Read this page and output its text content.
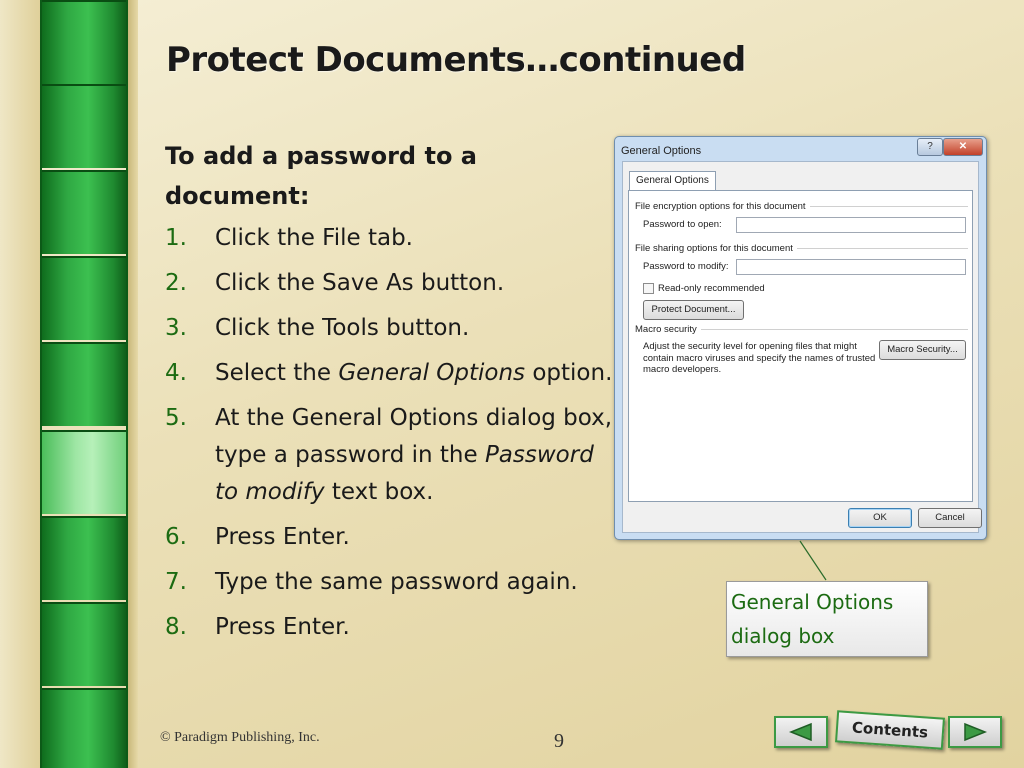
Protect Documents…continued
To add a password to a document:
1.	Click the File tab.
2.	Click the Save As button.
3.	Click the Tools button.
4.	Select the General Options option.
5.	At the General Options dialog box, type a password in the Password to modify text box.
6.	Press Enter.
7.	Type the same password again.
8.	Press Enter.
General Options	?	✕
General Options
File encryption options for this document
Password to open:
File sharing options for this document
Password to modify:
Read-only recommended
Protect Document...
Macro security
Adjust the security level for opening files that might contain macro viruses and specify the names of trusted macro developers.
Macro Security...
OK	Cancel
General Options dialog box
© Paradigm Publishing, Inc.	9	Contents
